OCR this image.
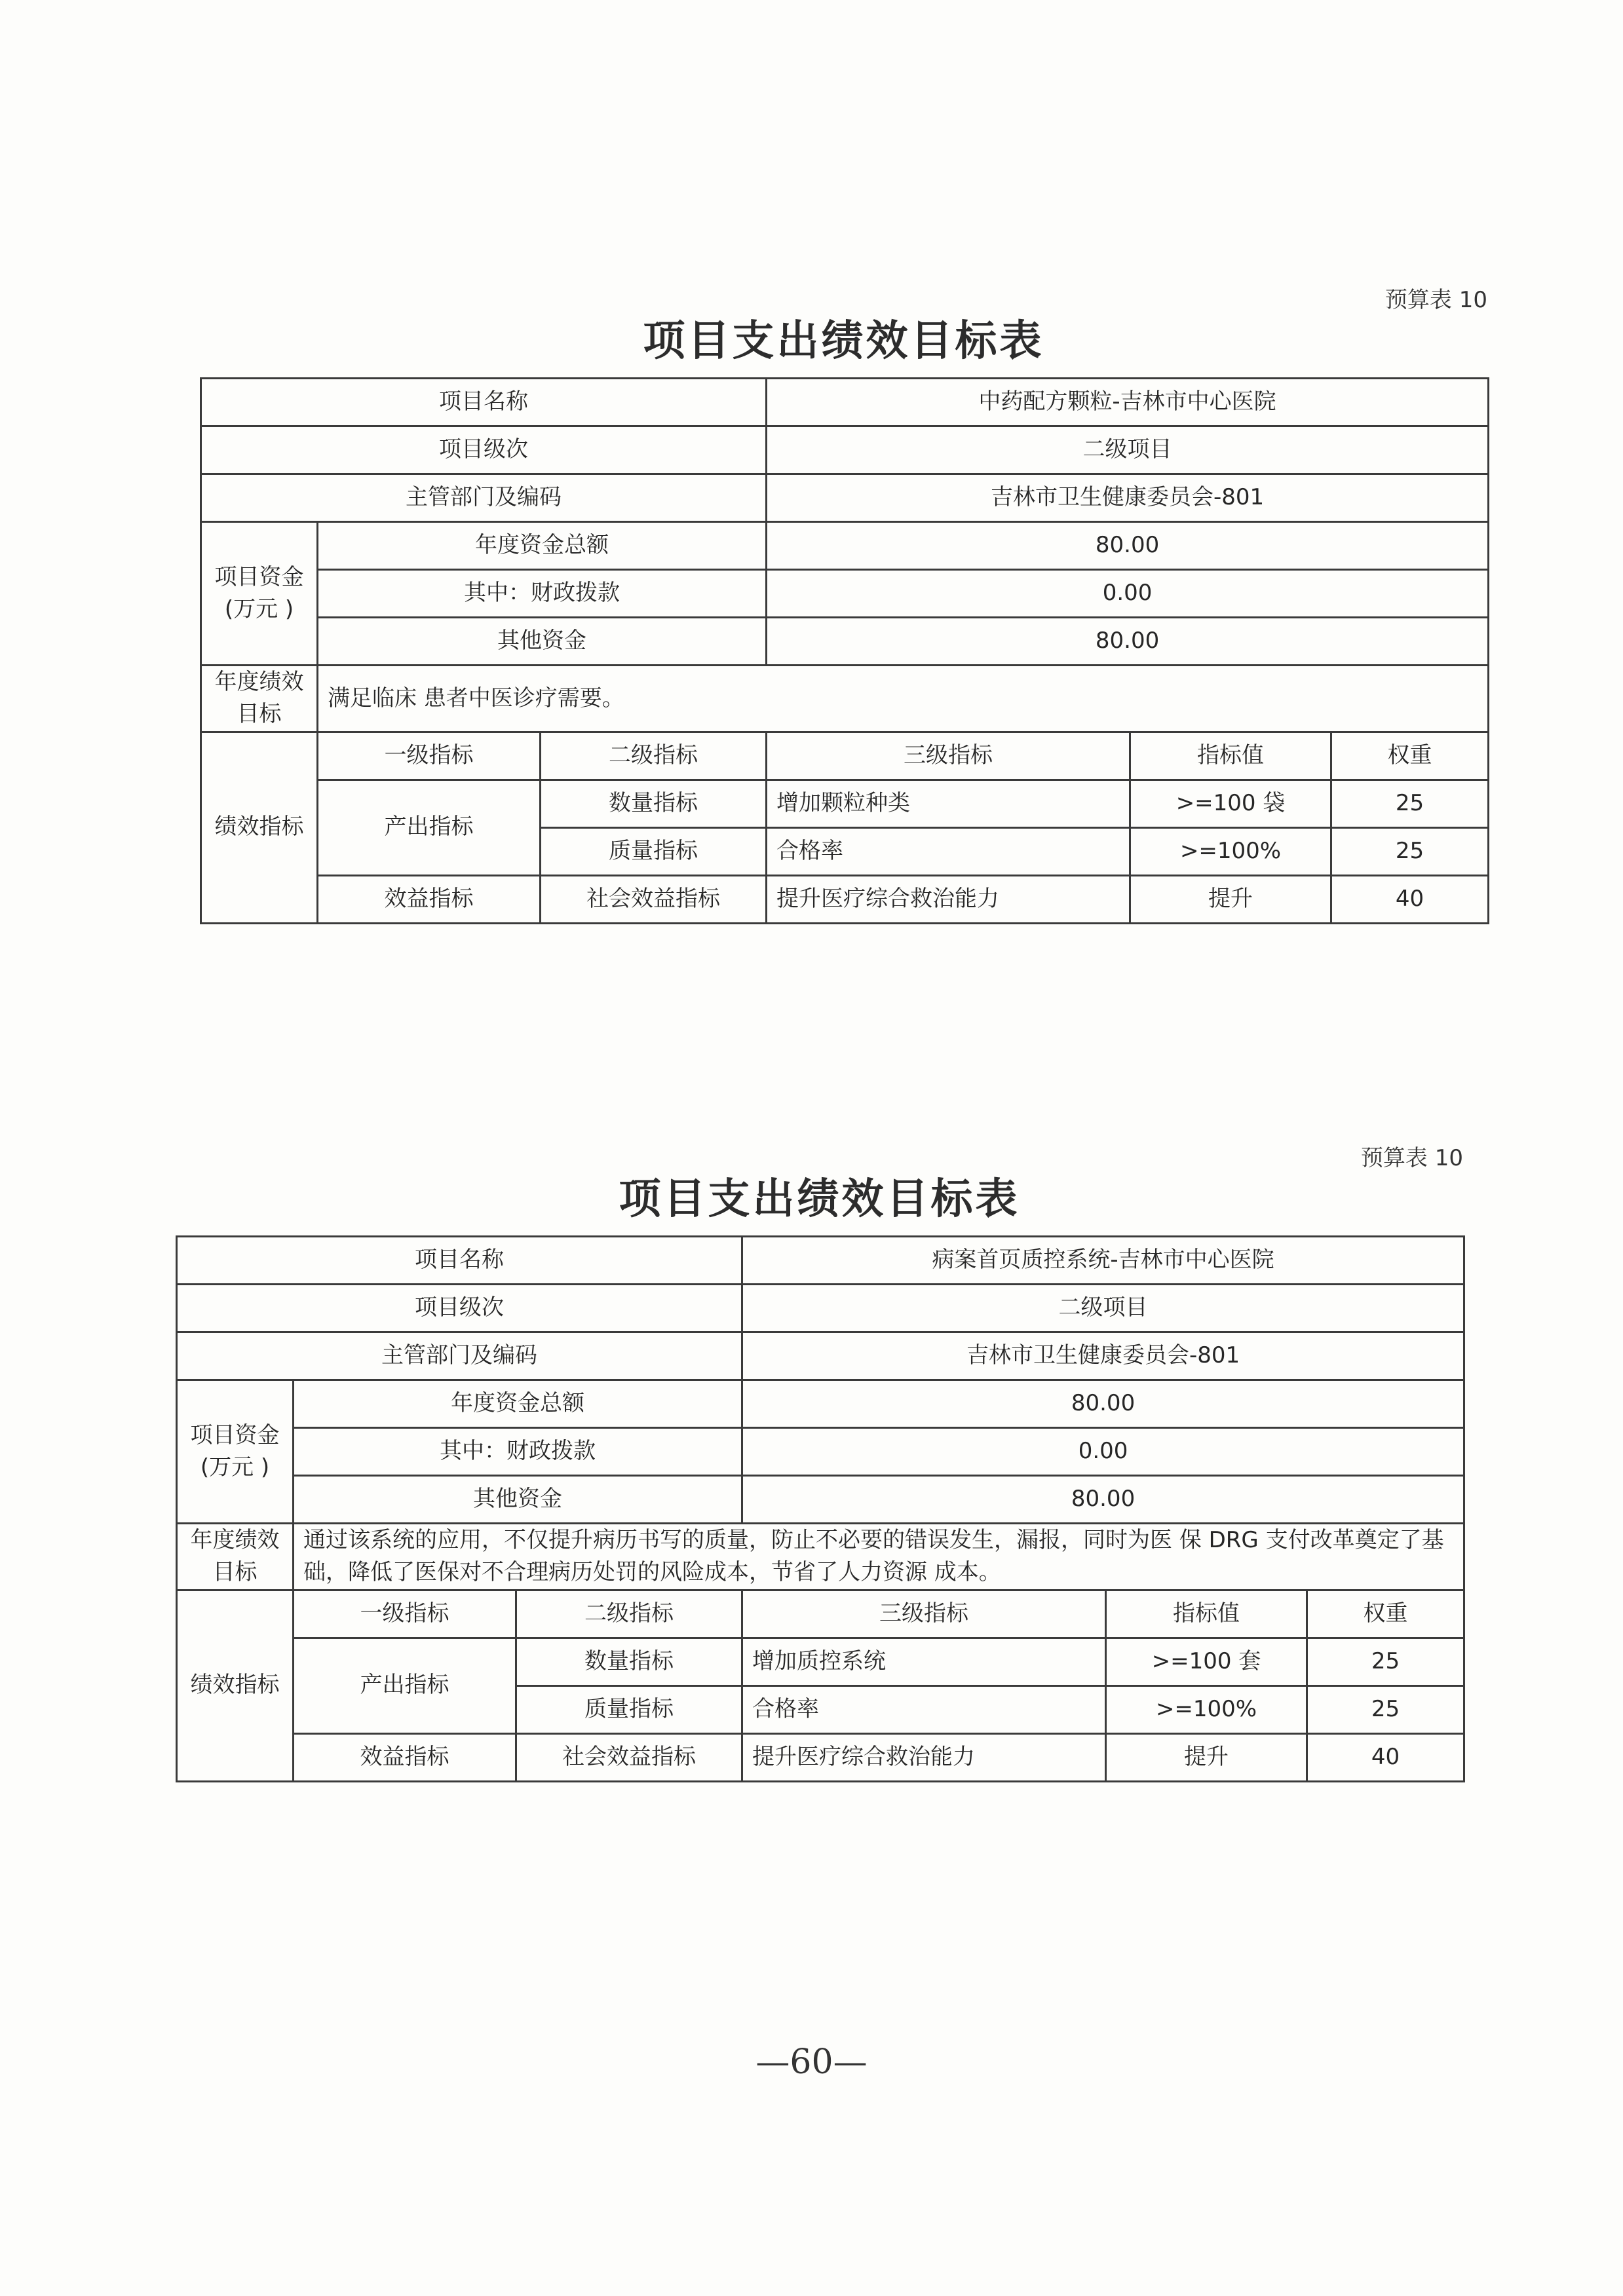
预算表 10
项目支出绩效目标表
项目名称			中药配方颗粒-吉林市中心医院		
项目级次			二级项目		
主管部门及编码			吉林市卫生健康委员会-801		
项目资金
(万元 )	年度资金总额		80.00		
	其中：财政拨款		0.00		
	其他资金		80.00		
年度绩效
目标	满足临床 患者中医诊疗需要。				
绩效指标	一级指标	二级指标	三级指标	指标值	权重
	产出指标	数量指标	增加颗粒种类	>=100 袋	25
		质量指标	合格率	>=100%	25
	效益指标	社会效益指标	提升医疗综合救治能力	提升	40
预算表 10
项目支出绩效目标表
项目名称			病案首页质控系统-吉林市中心医院		
项目级次			二级项目		
主管部门及编码			吉林市卫生健康委员会-801		
项目资金
(万元 )	年度资金总额		80.00		
	其中：财政拨款		0.00		
	其他资金		80.00		
年度绩效
目标	通过该系统的应用，不仅提升病历书写的质量，防止不必要的错误发生，漏报，同时为医 保 DRG 支付改革奠定了基础，降低了医保对不合理病历处罚的风险成本，节省了人力资源 成本。				
绩效指标	一级指标	二级指标	三级指标	指标值	权重
	产出指标	数量指标	增加质控系统	>=100 套	25
		质量指标	合格率	>=100%	25
	效益指标	社会效益指标	提升医疗综合救治能力	提升	40
—60—
